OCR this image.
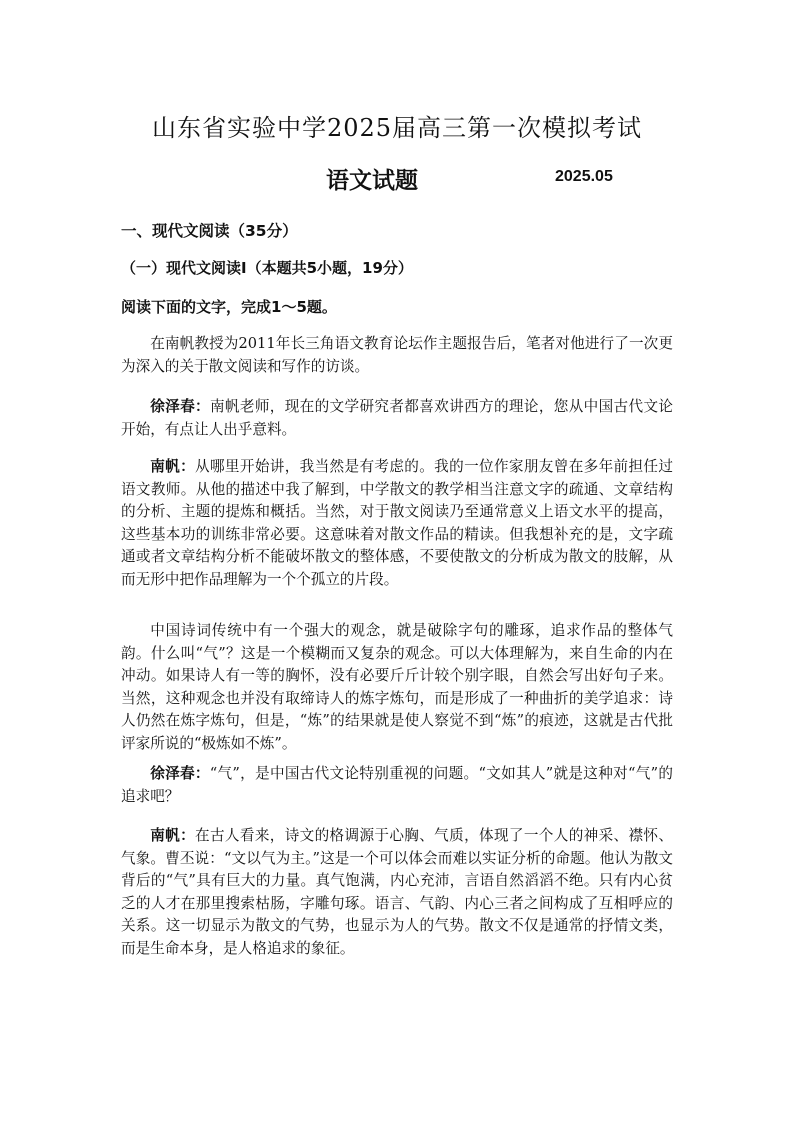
山东省实验中学2025届高三第一次模拟考试
语文试题	2025.05
一、现代文阅读（35分）
（一）现代文阅读Ⅰ（本题共5小题，19分）
阅读下面的文字，完成1～5题。

在南帆教授为2011年长三角语文教育论坛作主题报告后，笔者对他进行了一次更为深入的关于散文阅读和写作的访谈。

徐泽春：南帆老师，现在的文学研究者都喜欢讲西方的理论，您从中国古代文论开始，有点让人出乎意料。

南帆：从哪里开始讲，我当然是有考虑的。我的一位作家朋友曾在多年前担任过语文教师。从他的描述中我了解到，中学散文的教学相当注意文字的疏通、文章结构的分析、主题的提炼和概括。当然，对于散文阅读乃至通常意义上语文水平的提高，这些基本功的训练非常必要。这意味着对散文作品的精读。但我想补充的是，文字疏通或者文章结构分析不能破坏散文的整体感，不要使散文的分析成为散文的肢解，从而无形中把作品理解为一个个孤立的片段。

中国诗词传统中有一个强大的观念，就是破除字句的雕琢，追求作品的整体气韵。什么叫“气”？这是一个模糊而又复杂的观念。可以大体理解为，来自生命的内在冲动。如果诗人有一等的胸怀，没有必要斤斤计较个别字眼，自然会写出好句子来。当然，这种观念也并没有取缔诗人的炼字炼句，而是形成了一种曲折的美学追求：诗人仍然在炼字炼句，但是，“炼”的结果就是使人察觉不到“炼”的痕迹，这就是古代批评家所说的“极炼如不炼”。

徐泽春：“气”，是中国古代文论特别重视的问题。“文如其人”就是这种对“气”的追求吧？

南帆：在古人看来，诗文的格调源于心胸、气质，体现了一个人的神采、襟怀、气象。曹丕说：“文以气为主。”这是一个可以体会而难以实证分析的命题。他认为散文背后的“气”具有巨大的力量。真气饱满，内心充沛，言语自然滔滔不绝。只有内心贫乏的人才在那里搜索枯肠，字雕句琢。语言、气韵、内心三者之间构成了互相呼应的关系。这一切显示为散文的气势，也显示为人的气势。散文不仅是通常的抒情文类，而是生命本身，是人格追求的象征。
